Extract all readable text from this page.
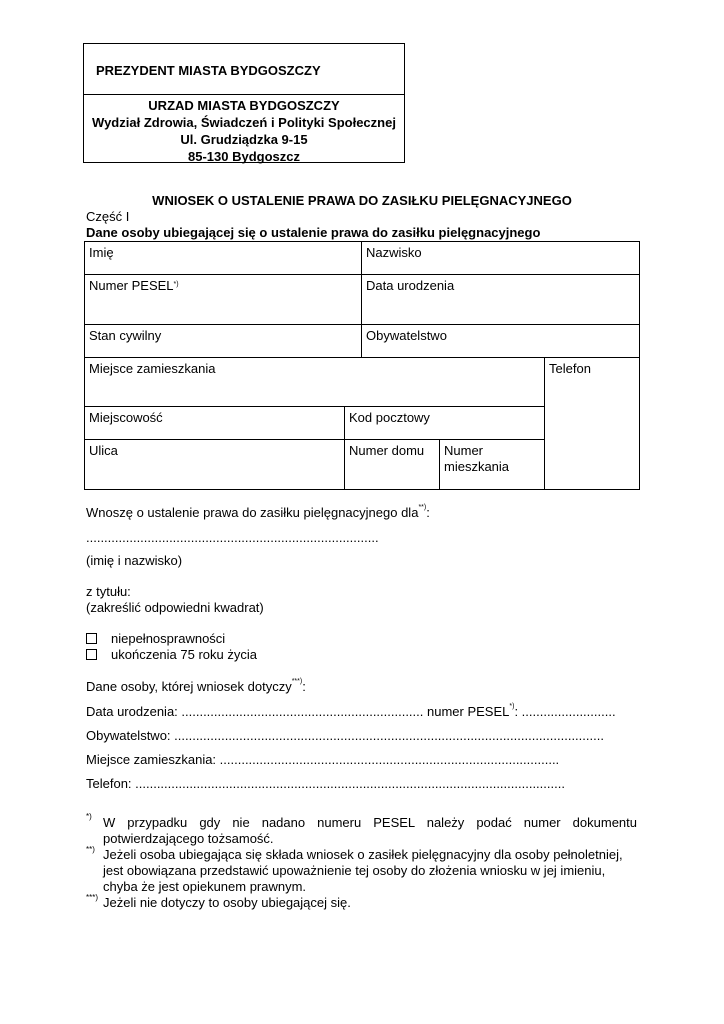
PREZYDENT MIASTA BYDGOSZCZY
URZAD MIASTA BYDGOSZCZY
Wydział Zdrowia, Świadczeń i Polityki Społecznej
Ul. Grudziądzka 9-15
85-130 Bydgoszcz
WNIOSEK O USTALENIE PRAWA DO ZASIŁKU PIELĘGNACYJNEGO
Część I
Dane osoby ubiegającej się o ustalenie prawa do zasiłku pielęgnacyjnego
Imię	Nazwisko
Numer PESEL*)	Data urodzenia
Stan cywilny	Obywatelstwo
Miejsce zamieszkania	Telefon
Miejscowość	Kod pocztowy
Ulica	Numer domu	Numer
mieszkania
Wnoszę o ustalenie prawa do zasiłku pielęgnacyjnego dla**):
.................................................................................
(imię i nazwisko)
z tytułu:
(zakreślić odpowiedni kwadrat)
niepełnosprawności
ukończenia 75 roku życia
Dane osoby, której wniosek dotyczy***):
Data urodzenia: ................................................................... numer PESEL*): ..........................
Obywatelstwo: .......................................................................................................................
Miejsce zamieszkania: ..............................................................................................
Telefon: .......................................................................................................................
*) W przypadku gdy nie nadano numeru PESEL należy podać numer dokumentu
potwierdzającego tożsamość.
**) Jeżeli osoba ubiegająca się składa wniosek o zasiłek pielęgnacyjny dla osoby pełnoletniej,
jest obowiązana przedstawić upoważnienie tej osoby do złożenia wniosku w jej imieniu,
chyba że jest opiekunem prawnym.
***) Jeżeli nie dotyczy to osoby ubiegającej się.
